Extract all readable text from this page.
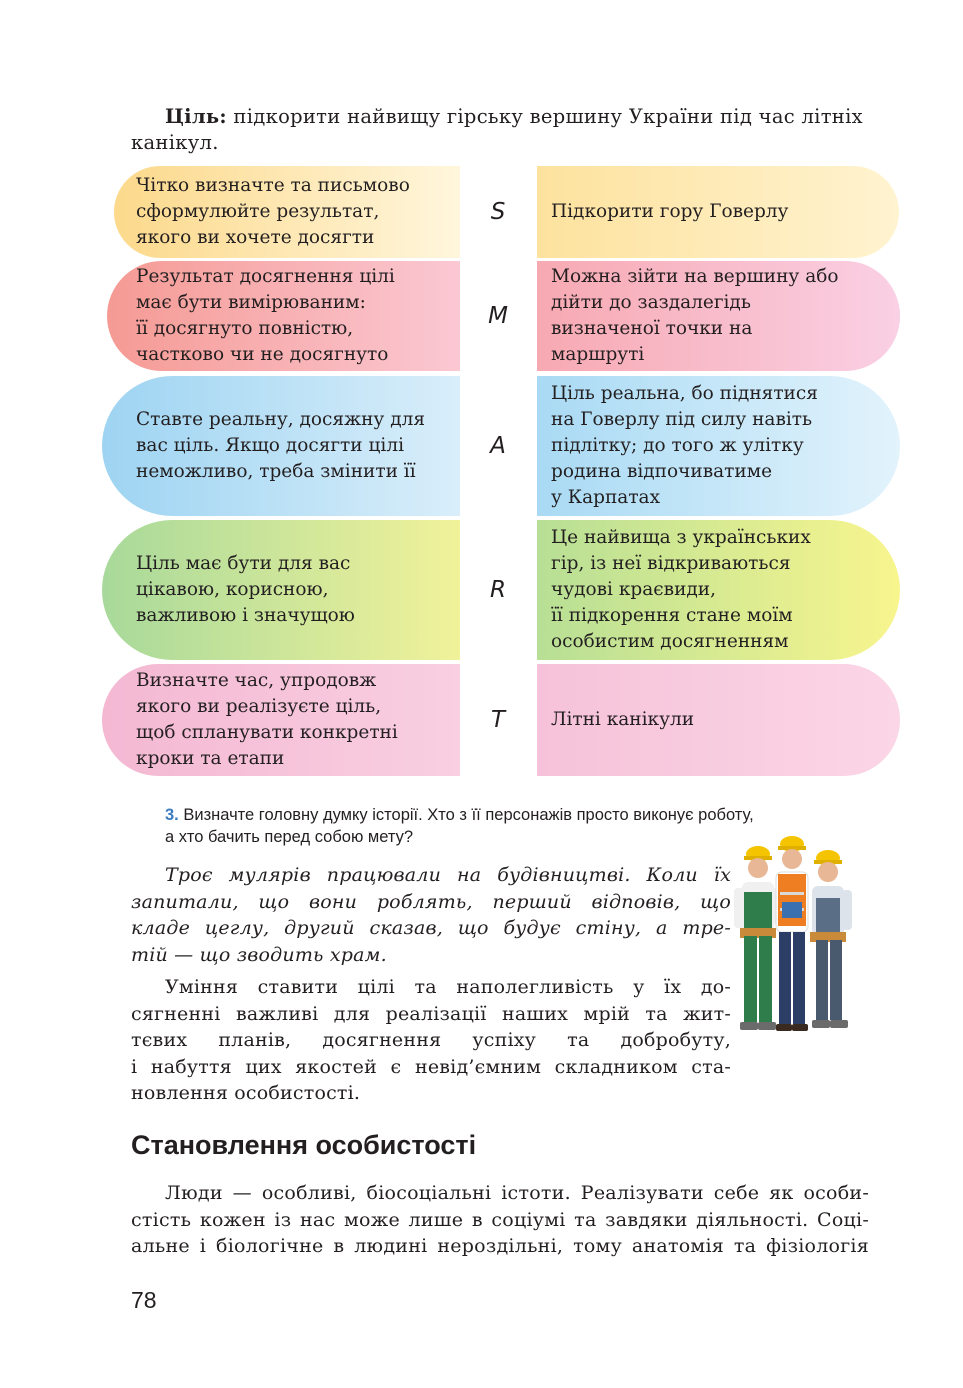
Ціль: підкорити найвищу гірську вершину України під час літніх
канікул.
Чітко визначте та письмово
сформулюйте результат,
якого ви хочете досягти
S	Підкорити гору Говерлу
Результат досягнення цілі
має бути вимірюваним:
її досягнуто повністю,
частково чи не досягнуто
M
Можна зійти на вершину або
дійти до заздалегідь
визначеної точки на
маршруті
Ставте реальну, досяжну для
вас ціль. Якщо досягти цілі
неможливо, треба змінити її
A
Ціль реальна, бо піднятися
на Говерлу під силу навіть
підлітку; до того ж улітку
родина відпочиватиме
у Карпатах
Ціль має бути для вас
цікавою, корисною,
важливою і значущою
R
Це найвища з українських
гір, із неї відкриваються
чудові краєвиди,
її підкорення стане моїм
особистим досягненням
Визначте час, упродовж
якого ви реалізуєте ціль,
щоб спланувати конкретні
кроки та етапи
T	Літні канікули
3. Визначте головну думку історії. Хто з її персонажів просто виконує роботу,
а хто бачить перед собою мету?
Троє мулярів працювали на будівництві. Коли їх
запитали, що вони роблять, перший відповів, що
кладе цеглу, другий сказав, що будує стіну, а тре-
тій — що зводить храм.
Уміння ставити цілі та наполегливість у їх до-
сягненні важливі для реалізації наших мрій та жит-
тєвих планів, досягнення успіху та добробуту,
і набуття цих якостей є невід’ємним складником ста-
новлення особистості.
Становлення особистості
Люди — особливі, біосоціальні істоти. Реалізувати себе як особи-
стість кожен із нас може лише в соціумі та завдяки діяльності. Соці-
альне і біологічне в людині нероздільні, тому анатомія та фізіологія
78
